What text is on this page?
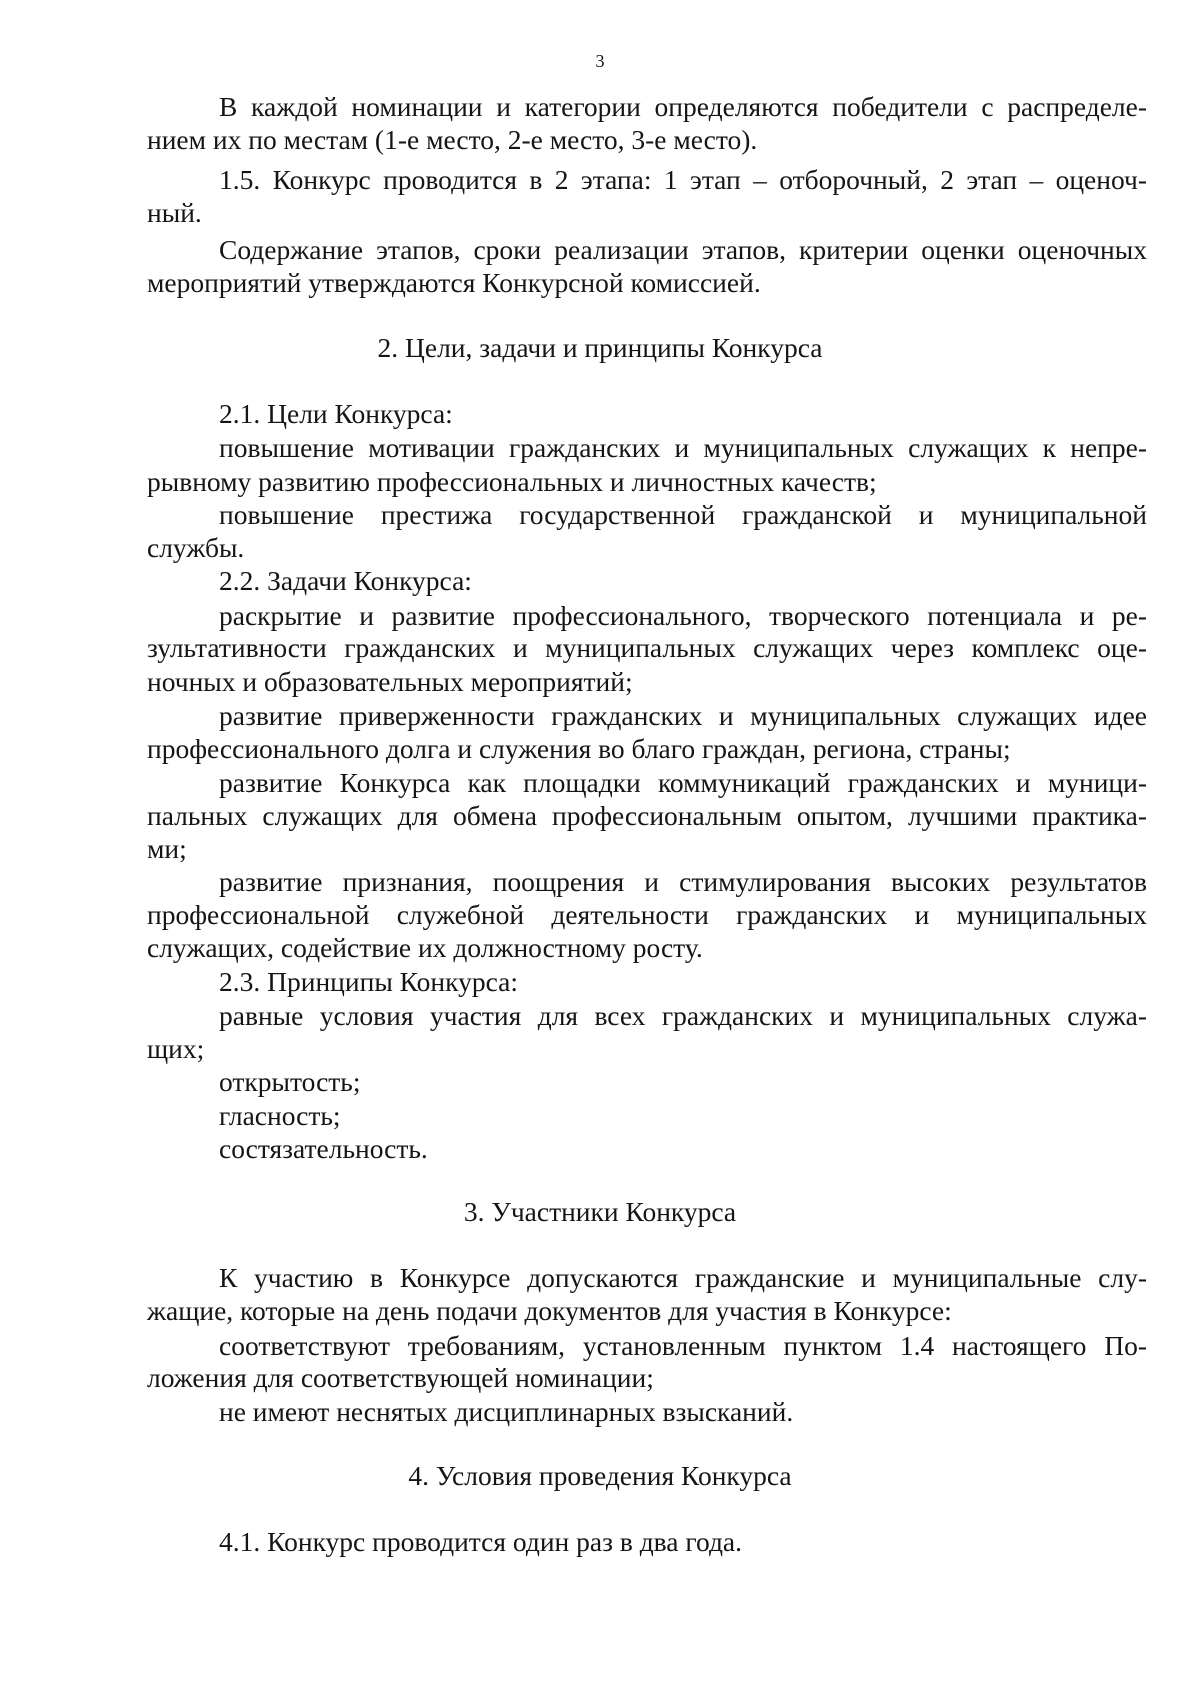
3
В каждой номинации и категории определяются победители с распределе-
нием их по местам (1-е место, 2-е место, 3-е место).
1.5. Конкурс проводится в 2 этапа: 1 этап – отборочный, 2 этап – оценоч-
ный.
Содержание этапов, сроки реализации этапов, критерии оценки оценочных
мероприятий утверждаются Конкурсной комиссией.
2. Цели, задачи и принципы Конкурса
2.1. Цели Конкурса:
повышение мотивации гражданских и муниципальных служащих к непре-
рывному развитию профессиональных и личностных качеств;
повышение престижа государственной гражданской и муниципальной
службы.
2.2. Задачи Конкурса:
раскрытие и развитие профессионального, творческого потенциала и ре-
зультативности гражданских и муниципальных служащих через комплекс оце-
ночных и образовательных мероприятий;
развитие приверженности гражданских и муниципальных служащих идее
профессионального долга и служения во благо граждан, региона, страны;
развитие Конкурса как площадки коммуникаций гражданских и муници-
пальных служащих для обмена профессиональным опытом, лучшими практика-
ми;
развитие признания, поощрения и стимулирования высоких результатов
профессиональной служебной деятельности гражданских и муниципальных
служащих, содействие их должностному росту.
2.3. Принципы Конкурса:
равные условия участия для всех гражданских и муниципальных служа-
щих;
открытость;
гласность;
состязательность.
3. Участники Конкурса
К участию в Конкурсе допускаются гражданские и муниципальные слу-
жащие, которые на день подачи документов для участия в Конкурсе:
соответствуют требованиям, установленным пунктом 1.4 настоящего По-
ложения для соответствующей номинации;
не имеют неснятых дисциплинарных взысканий.
4. Условия проведения Конкурса
4.1. Конкурс проводится один раз в два года.
